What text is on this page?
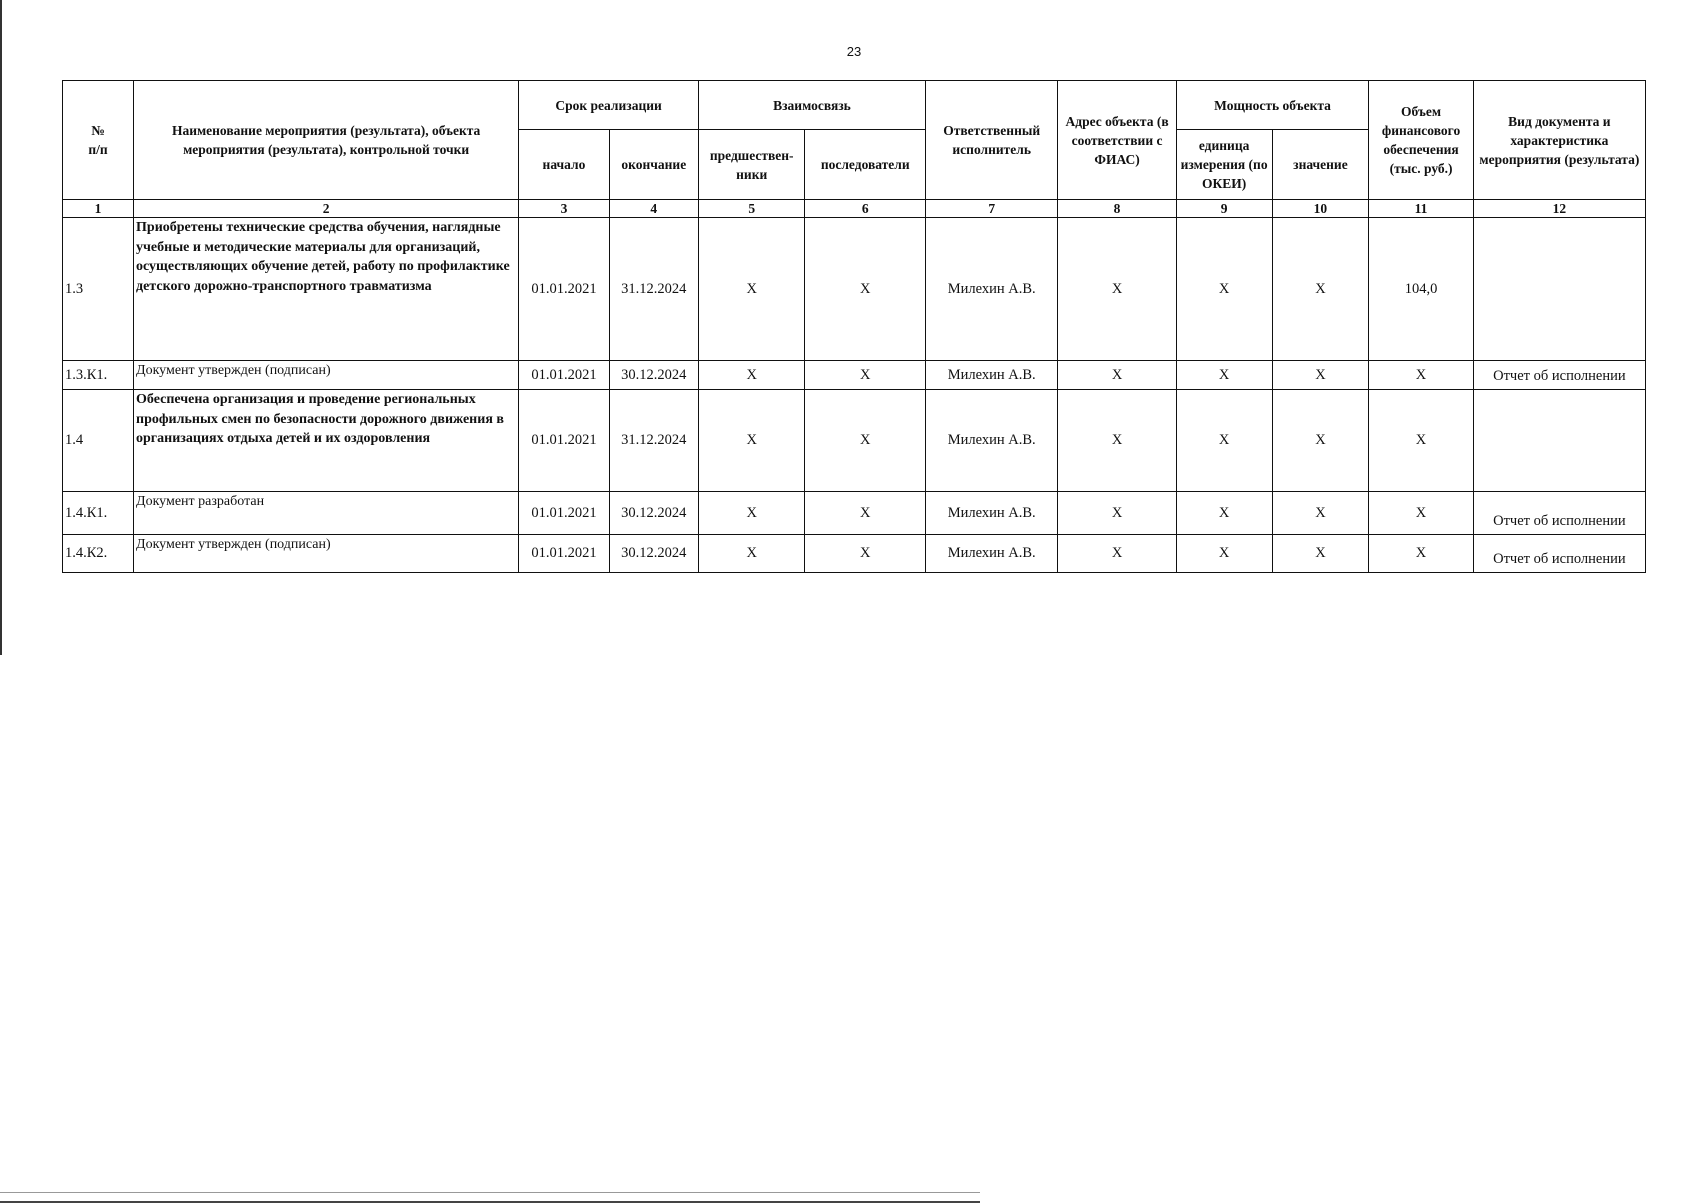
23
№
п/п	Наименование мероприятия (результата), объекта мероприятия (результата), контрольной точки	Срок реализации		Взаимосвязь		Ответственный исполнитель	Адрес объекта (в соответствии с ФИАС)	Мощность объекта		Объем финансового обеспечения (тыс. руб.)	Вид документа и характеристика мероприятия (результата)
		начало	окончание	предшествен-ники	последователи			единица измерения (по ОКЕИ)	значение		
1	2	3	4	5	6	7	8	9	10	11	12
1.3	Приобретены технические средства обучения, наглядные учебные и методические материалы для организаций, осуществляющих обучение детей, работу по профилактике детского дорожно-транспортного травматизма	01.01.2021	31.12.2024	X	X	Милехин А.В.	X	X	X	104,0	
1.3.К1.	Документ утвержден (подписан)	01.01.2021	30.12.2024	X	X	Милехин А.В.	X	X	X	X	Отчет об исполнении
1.4	Обеспечена организация и проведение региональных профильных смен по безопасности дорожного движения в организациях отдыха детей и их оздоровления	01.01.2021	31.12.2024	X	X	Милехин А.В.	X	X	X	X	
1.4.К1.	Документ разработан	01.01.2021	30.12.2024	X	X	Милехин А.В.	X	X	X	X	Отчет об исполнении
1.4.К2.	Документ утвержден (подписан)	01.01.2021	30.12.2024	X	X	Милехин А.В.	X	X	X	X	Отчет об исполнении
